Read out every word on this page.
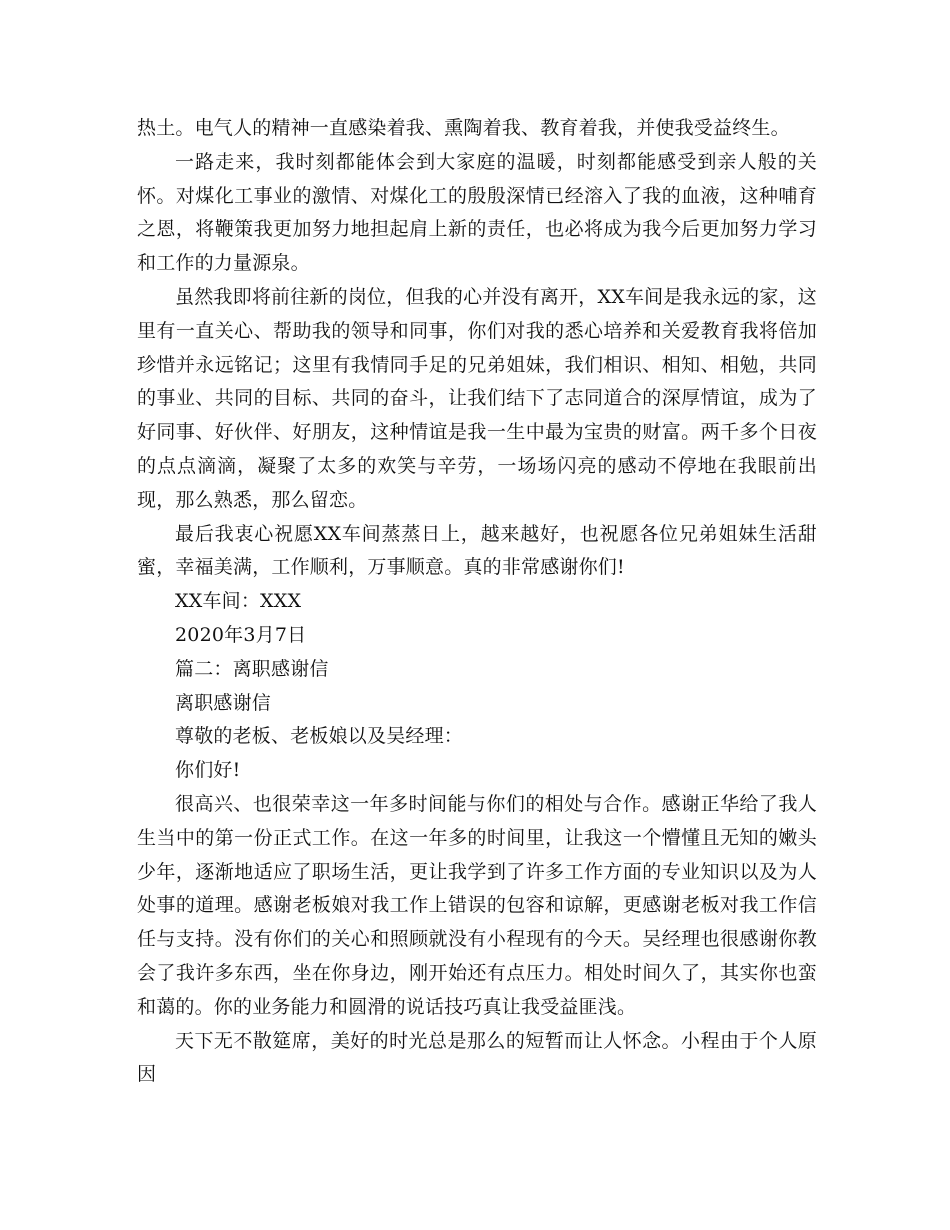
热土。电气人的精神一直感染着我、熏陶着我、教育着我，并使我受益终生。

一路走来，我时刻都能体会到大家庭的温暖，时刻都能感受到亲人般的关怀。对煤化工事业的激情、对煤化工的殷殷深情已经溶入了我的血液，这种哺育之恩，将鞭策我更加努力地担起肩上新的责任，也必将成为我今后更加努力学习和工作的力量源泉。

虽然我即将前往新的岗位，但我的心并没有离开，XX车间是我永远的家，这里有一直关心、帮助我的领导和同事，你们对我的悉心培养和关爱教育我将倍加珍惜并永远铭记；这里有我情同手足的兄弟姐妹，我们相识、相知、相勉，共同的事业、共同的目标、共同的奋斗，让我们结下了志同道合的深厚情谊，成为了好同事、好伙伴、好朋友，这种情谊是我一生中最为宝贵的财富。两千多个日夜的点点滴滴，凝聚了太多的欢笑与辛劳，一场场闪亮的感动不停地在我眼前出现，那么熟悉，那么留恋。

最后我衷心祝愿XX车间蒸蒸日上，越来越好，也祝愿各位兄弟姐妹生活甜蜜，幸福美满，工作顺利，万事顺意。真的非常感谢你们!

XX车间：XXX

2020年3月7日

篇二：离职感谢信

离职感谢信

尊敬的老板、老板娘以及吴经理：

你们好!

很高兴、也很荣幸这一年多时间能与你们的相处与合作。感谢正华给了我人生当中的第一份正式工作。在这一年多的时间里，让我这一个懵懂且无知的嫩头少年，逐渐地适应了职场生活，更让我学到了许多工作方面的专业知识以及为人处事的道理。感谢老板娘对我工作上错误的包容和谅解，更感谢老板对我工作信任与支持。没有你们的关心和照顾就没有小程现有的今天。吴经理也很感谢你教会了我许多东西，坐在你身边，刚开始还有点压力。相处时间久了，其实你也蛮和蔼的。你的业务能力和圆滑的说话技巧真让我受益匪浅。

天下无不散筵席，美好的时光总是那么的短暂而让人怀念。小程由于个人原因
